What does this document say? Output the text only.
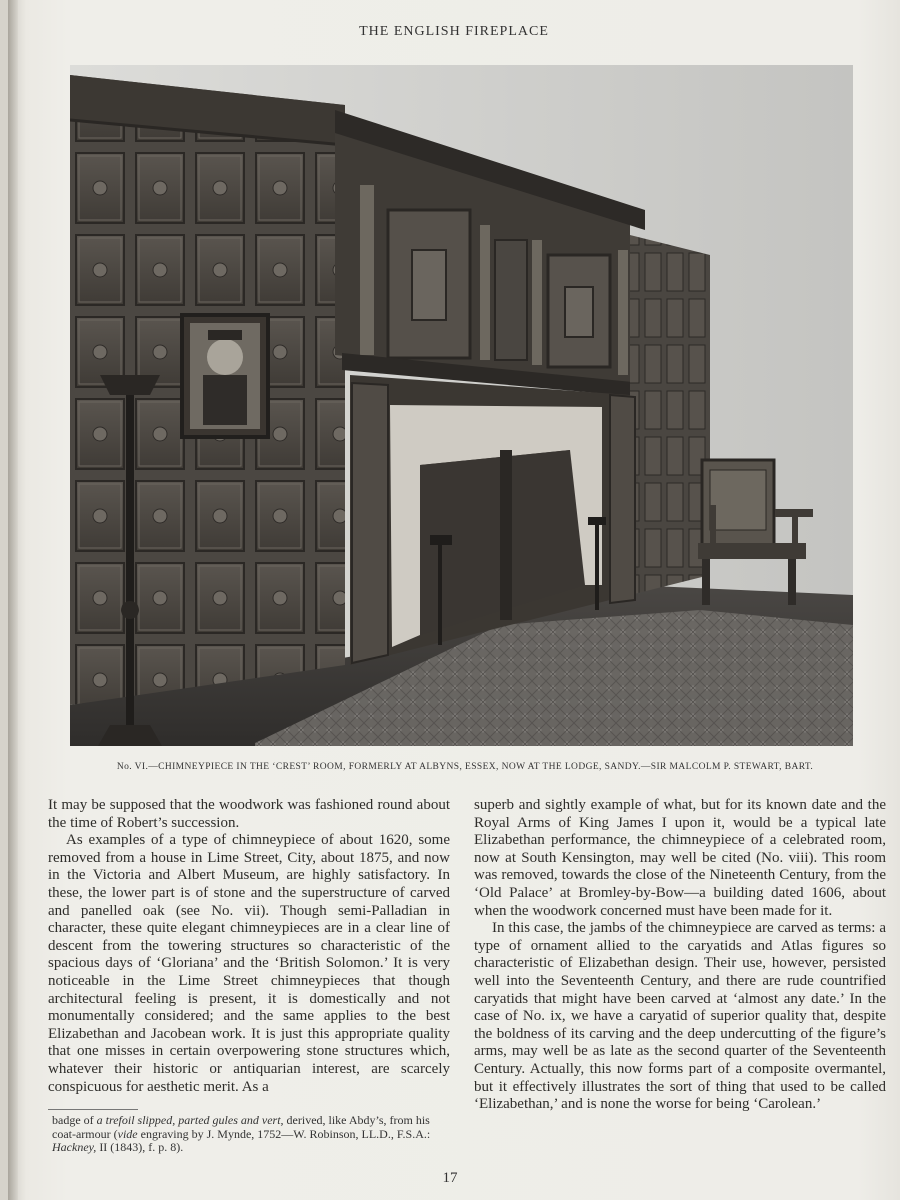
THE ENGLISH FIREPLACE
No. VI.—CHIMNEYPIECE IN THE ‘CREST’ ROOM, FORMERLY AT ALBYNS, ESSEX, NOW AT THE LODGE, SANDY.—SIR MALCOLM P. STEWART, BART.

It may be supposed that the woodwork was fashioned round about the time of Robert’s succession.

As examples of a type of chimneypiece of about 1620, some removed from a house in Lime Street, City, about 1875, and now in the Victoria and Albert Museum, are highly satisfactory. In these, the lower part is of stone and the superstructure of carved and panelled oak (see No. vii). Though semi-Palladian in character, these quite elegant chimneypieces are in a clear line of descent from the towering structures so characteristic of the spacious days of ‘Gloriana’ and the ‘British Solomon.’ It is very noticeable in the Lime Street chimneypieces that though architectural feeling is present, it is domestically and not monumentally considered; and the same applies to the best Elizabethan and Jacobean work. It is just this appropriate quality that one misses in certain overpowering stone structures which, whatever their historic or antiquarian interest, are scarcely conspicuous for aesthetic merit. As a

superb and sightly example of what, but for its known date and the Royal Arms of King James I upon it, would be a typical late Elizabethan performance, the chimneypiece of a celebrated room, now at South Kensington, may well be cited (No. viii). This room was removed, towards the close of the Nineteenth Century, from the ‘Old Palace’ at Bromley-by-Bow—a building dated 1606, about when the woodwork concerned must have been made for it.

In this case, the jambs of the chimneypiece are carved as terms: a type of ornament allied to the caryatids and Atlas figures so characteristic of Elizabethan design. Their use, however, persisted well into the Seventeenth Century, and there are rude countrified caryatids that might have been carved at ‘almost any date.’ In the case of No. ix, we have a caryatid of superior quality that, despite the boldness of its carving and the deep undercutting of the figure’s arms, may well be as late as the second quarter of the Seventeenth Century. Actually, this now forms part of a composite overmantel, but it effectively illustrates the sort of thing that used to be called ‘Elizabethan,’ and is none the worse for being ‘Carolean.’

badge of a trefoil slipped, parted gules and vert, derived, like Abdy’s, from his coat-armour (vide engraving by J. Mynde, 1752—W. Robinson, LL.D., F.S.A.: Hackney, II (1843), f. p. 8).
17
